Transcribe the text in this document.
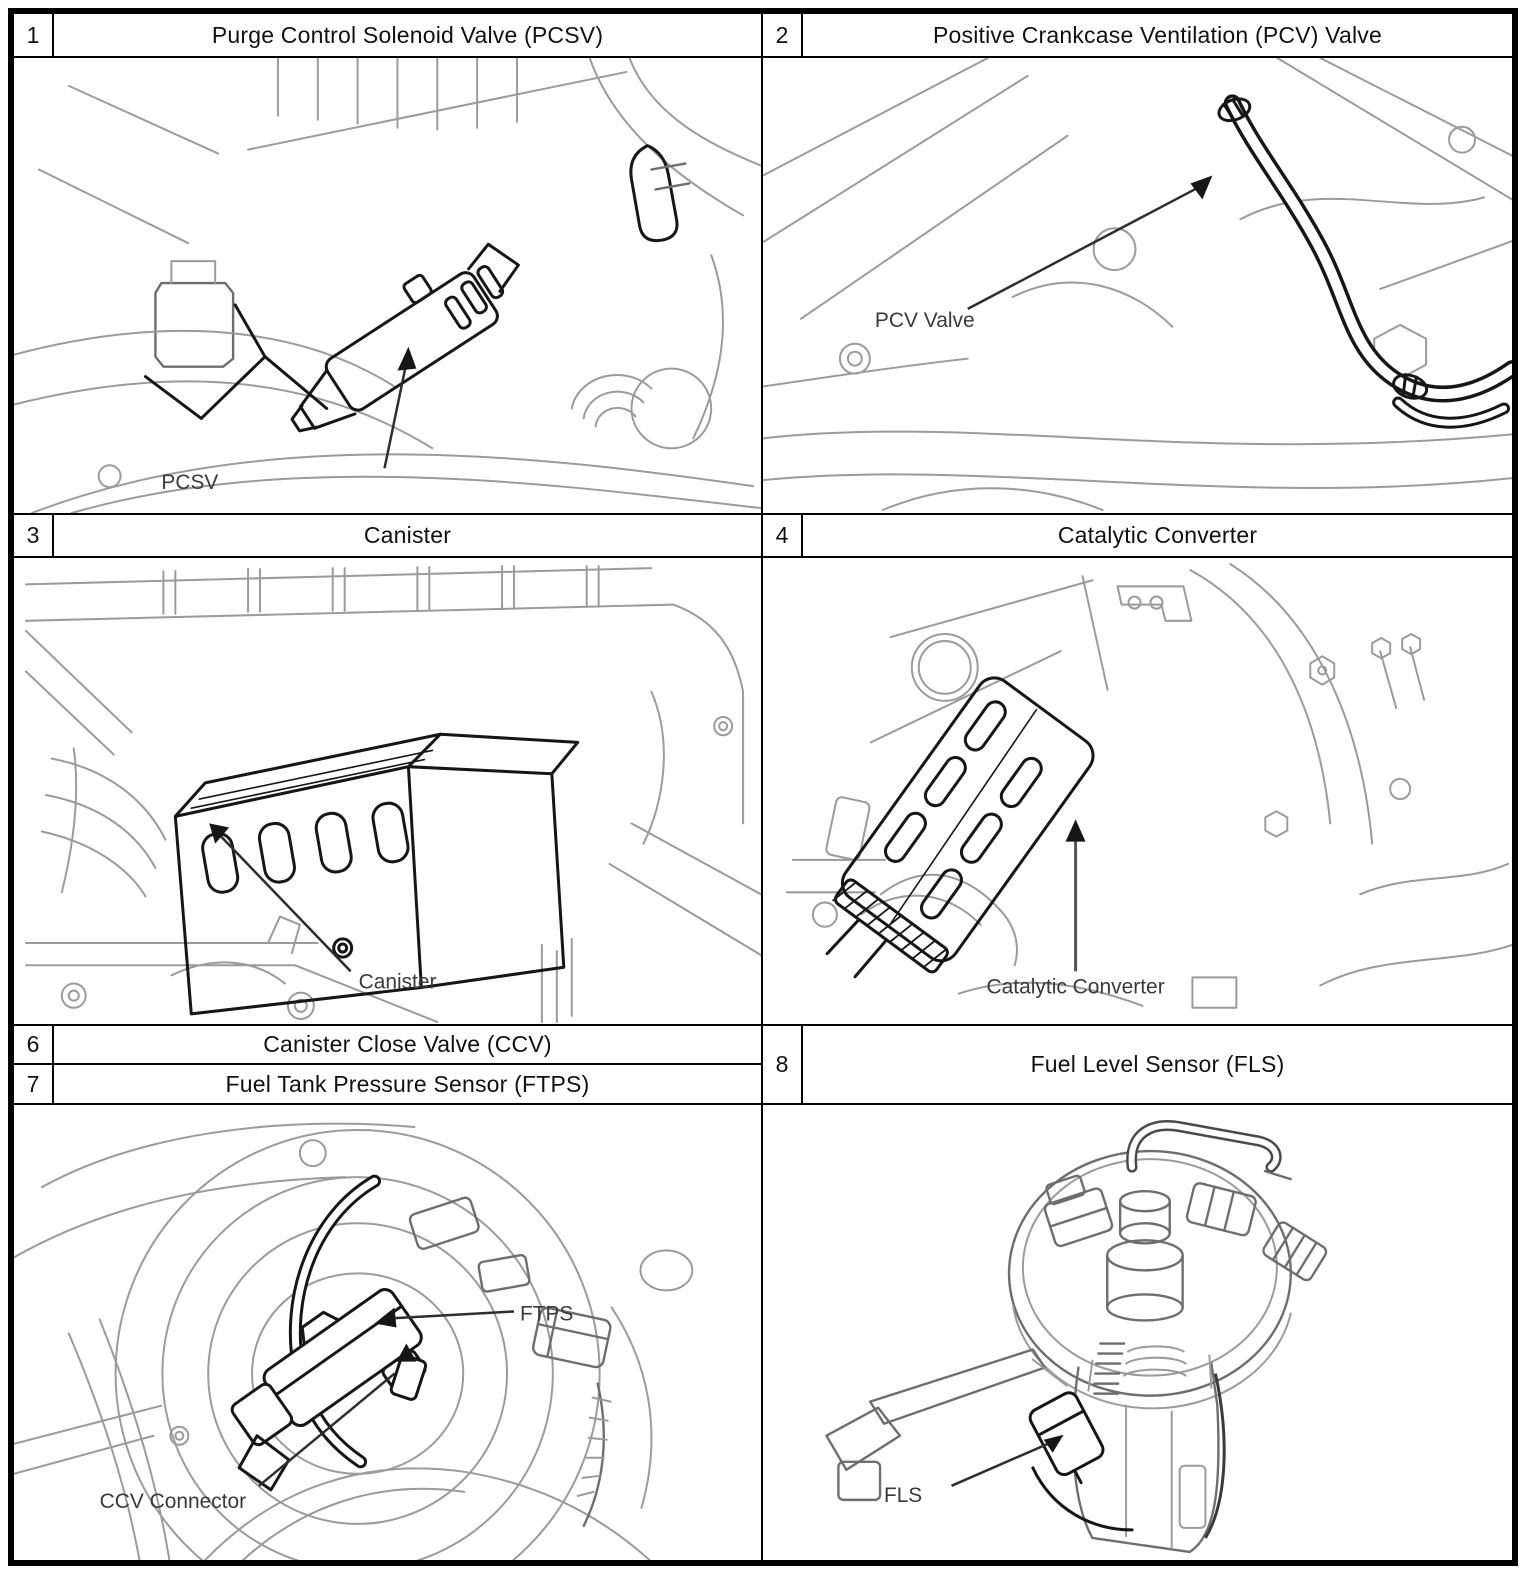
1	Purge Control Solenoid Valve (PCSV)	2	Positive Crankcase Ventilation (PCV) Valve
PCSV
PCV Valve
3	Canister	4	Catalytic Converter
Canister	Catalytic Converter
6	Canister Close Valve (CCV)
7	Fuel Tank Pressure Sensor (FTPS)
8	Fuel Level Sensor (FLS)
FTPS
CCV Connector	FLS
